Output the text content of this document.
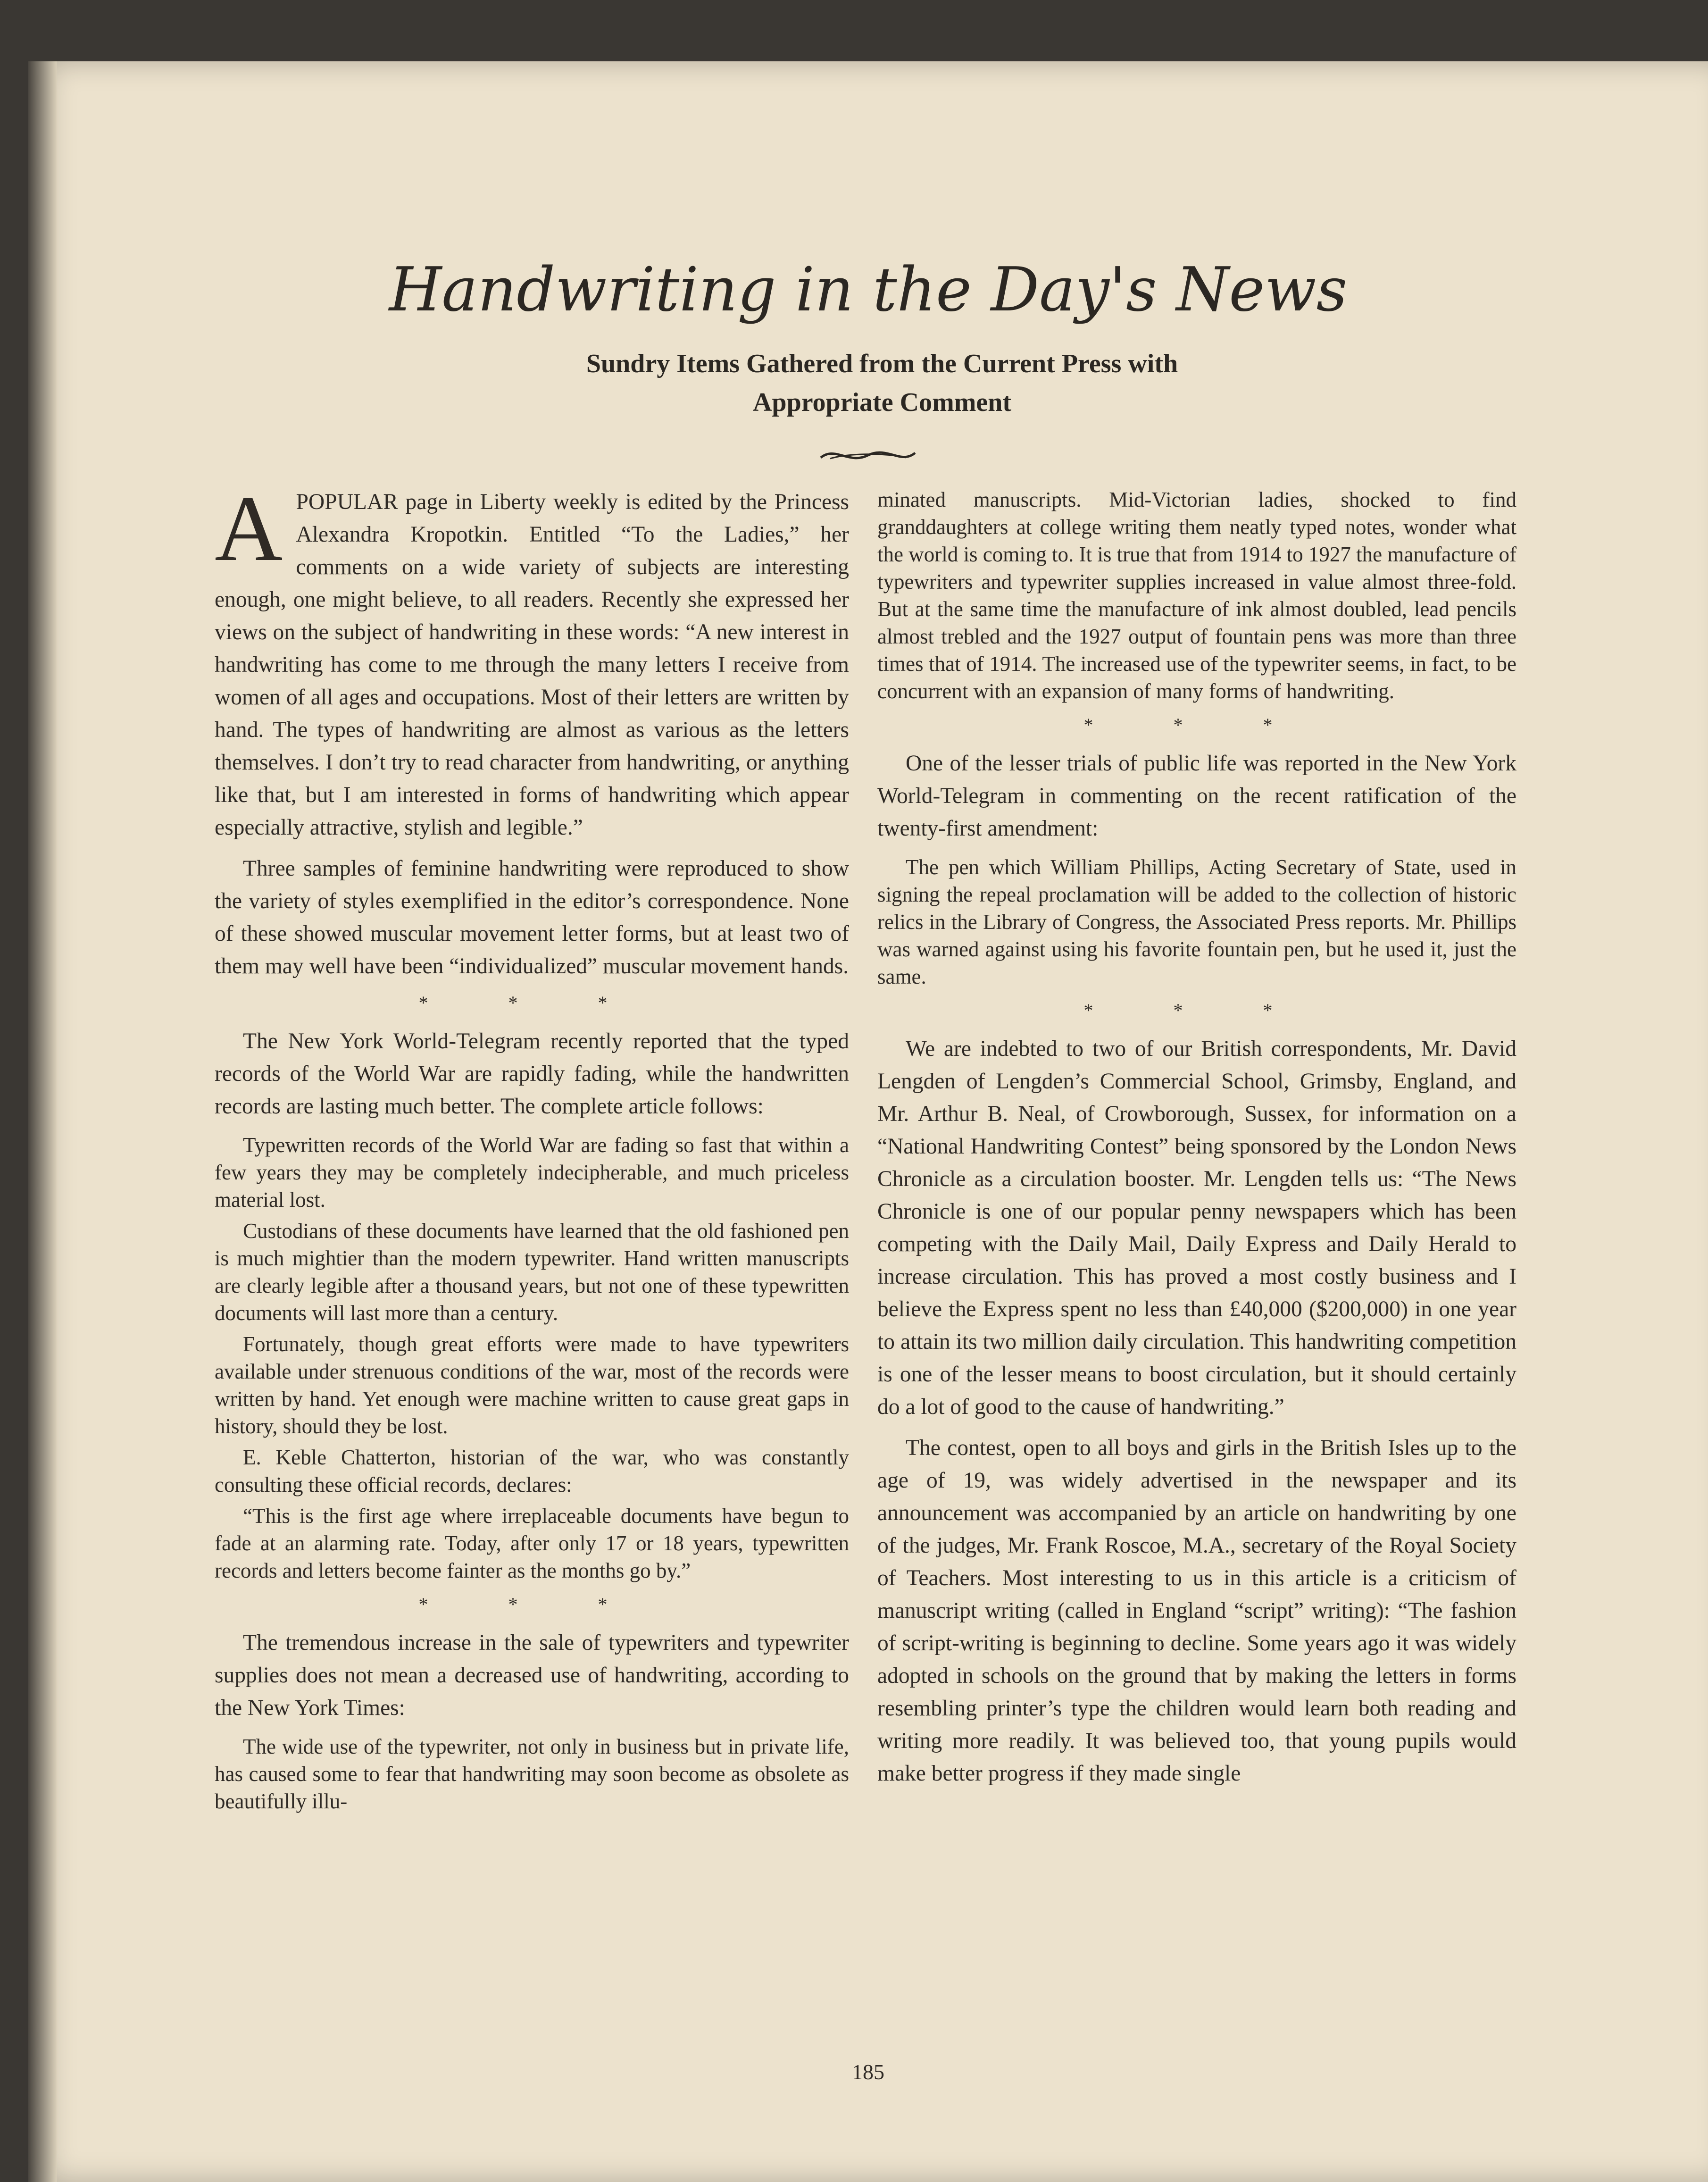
Handwriting in the Day's News
Sundry Items Gathered from the Current Press with Appropriate Comment

APOPULAR page in Liberty weekly is edited by the Princess Alexandra Kropotkin. Entitled “To the Ladies,” her comments on a wide variety of subjects are interesting enough, one might believe, to all readers. Recently she expressed her views on the subject of handwriting in these words: “A new interest in handwriting has come to me through the many letters I receive from women of all ages and occupations. Most of their letters are written by hand. The types of handwriting are almost as various as the letters themselves. I don’t try to read character from handwriting, or anything like that, but I am interested in forms of handwriting which appear especially attractive, stylish and legible.”

Three samples of feminine handwriting were reproduced to show the variety of styles exemplified in the editor’s correspondence. None of these showed muscular movement letter forms, but at least two of them may well have been “individualized” muscular movement hands.

* * *

The New York World-Telegram recently reported that the typed records of the World War are rapidly fading, while the handwritten records are lasting much better. The complete article follows:

Typewritten records of the World War are fading so fast that within a few years they may be completely indecipherable, and much priceless material lost.

Custodians of these documents have learned that the old fashioned pen is much mightier than the modern typewriter. Hand written manuscripts are clearly legible after a thousand years, but not one of these typewritten documents will last more than a century.

Fortunately, though great efforts were made to have typewriters available under strenuous conditions of the war, most of the records were written by hand. Yet enough were machine written to cause great gaps in history, should they be lost.

E. Keble Chatterton, historian of the war, who was constantly consulting these official records, declares:

“This is the first age where irreplaceable documents have begun to fade at an alarming rate. Today, after only 17 or 18 years, typewritten records and letters become fainter as the months go by.”

* * *

The tremendous increase in the sale of typewriters and typewriter supplies does not mean a decreased use of handwriting, according to the New York Times:

The wide use of the typewriter, not only in business but in private life, has caused some to fear that handwriting may soon become as obsolete as beautifully illu-

minated manuscripts. Mid-Victorian ladies, shocked to find granddaughters at college writing them neatly typed notes, wonder what the world is coming to. It is true that from 1914 to 1927 the manufacture of typewriters and typewriter supplies increased in value almost three-fold. But at the same time the manufacture of ink almost doubled, lead pencils almost trebled and the 1927 output of fountain pens was more than three times that of 1914. The increased use of the typewriter seems, in fact, to be concurrent with an expansion of many forms of handwriting.

* * *

One of the lesser trials of public life was reported in the New York World-Telegram in commenting on the recent ratification of the twenty-first amendment:

The pen which William Phillips, Acting Secretary of State, used in signing the repeal proclamation will be added to the collection of historic relics in the Library of Congress, the Associated Press reports. Mr. Phillips was warned against using his favorite fountain pen, but he used it, just the same.

* * *

We are indebted to two of our British correspondents, Mr. David Lengden of Lengden’s Commercial School, Grimsby, England, and Mr. Arthur B. Neal, of Crowborough, Sussex, for information on a “National Handwriting Contest” being sponsored by the London News Chronicle as a circulation booster. Mr. Lengden tells us: “The News Chronicle is one of our popular penny newspapers which has been competing with the Daily Mail, Daily Express and Daily Herald to increase circulation. This has proved a most costly business and I believe the Express spent no less than £40,000 ($200,000) in one year to attain its two million daily circulation. This handwriting competition is one of the lesser means to boost circulation, but it should certainly do a lot of good to the cause of handwriting.”

The contest, open to all boys and girls in the British Isles up to the age of 19, was widely advertised in the newspaper and its announcement was accompanied by an article on handwriting by one of the judges, Mr. Frank Roscoe, M.A., secretary of the Royal Society of Teachers. Most interesting to us in this article is a criticism of manuscript writing (called in England “script” writing): “The fashion of script-writing is beginning to decline. Some years ago it was widely adopted in schools on the ground that by making the letters in forms resembling printer’s type the children would learn both reading and writing more readily. It was believed too, that young pupils would make better progress if they made single

185
